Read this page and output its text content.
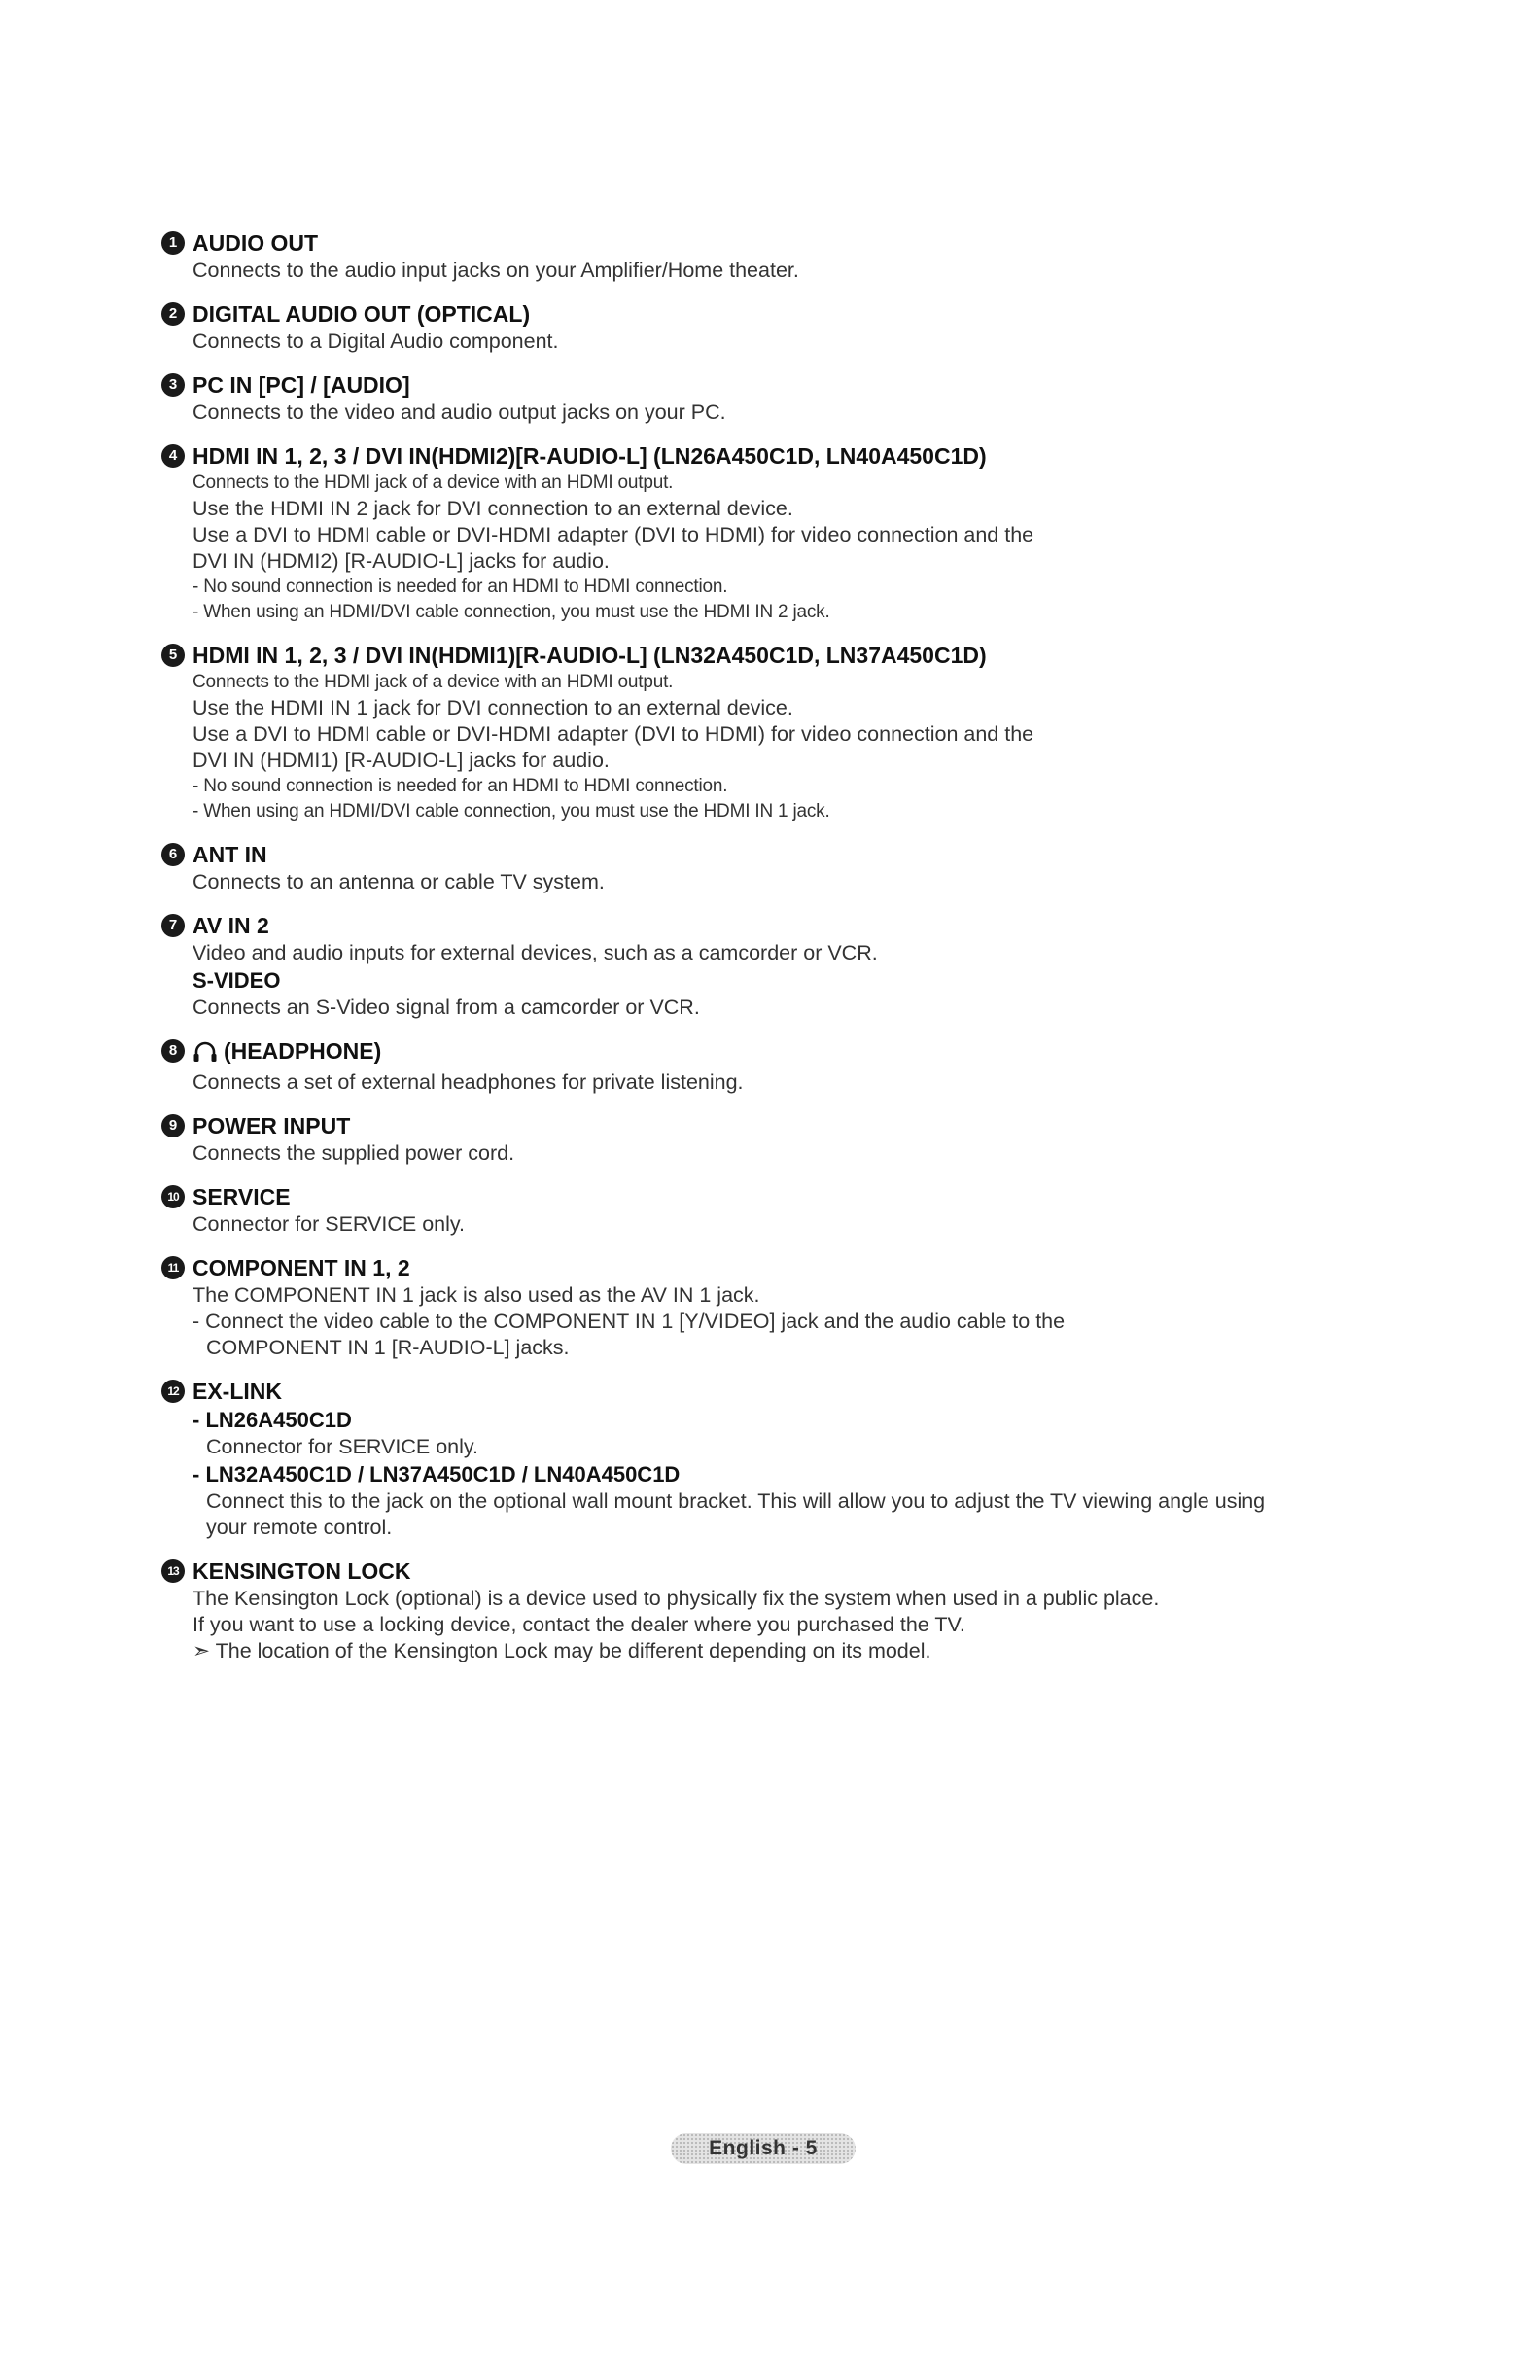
1 AUDIO OUT
Connects to the audio input jacks on your Amplifier/Home theater.
2 DIGITAL AUDIO OUT (OPTICAL)
Connects to a Digital Audio component.
3 PC IN [PC] / [AUDIO]
Connects to the video and audio output jacks on your PC.
4 HDMI IN 1, 2, 3 / DVI IN(HDMI2)[R-AUDIO-L] (LN26A450C1D, LN40A450C1D)
Connects to the HDMI jack of a device with an HDMI output.
Use the HDMI IN 2 jack for DVI connection to an external device.
Use a DVI to HDMI cable or DVI-HDMI adapter (DVI to HDMI) for video connection and the
DVI IN (HDMI2) [R-AUDIO-L] jacks for audio.
- No sound connection is needed for an HDMI to HDMI connection.
- When using an HDMI/DVI cable connection, you must use the HDMI IN 2 jack.
5 HDMI IN 1, 2, 3 / DVI IN(HDMI1)[R-AUDIO-L] (LN32A450C1D, LN37A450C1D)
Connects to the HDMI jack of a device with an HDMI output.
Use the HDMI IN 1 jack for DVI connection to an external device.
Use a DVI to HDMI cable or DVI-HDMI adapter (DVI to HDMI) for video connection and the
DVI IN (HDMI1) [R-AUDIO-L] jacks for audio.
- No sound connection is needed for an HDMI to HDMI connection.
- When using an HDMI/DVI cable connection, you must use the HDMI IN 1 jack.
6 ANT IN
Connects to an antenna or cable TV system.
7 AV IN 2
Video and audio inputs for external devices, such as a camcorder or VCR.
S-VIDEO
Connects an S-Video signal from a camcorder or VCR.
8	(HEADPHONE)
Connects a set of external headphones for private listening.
9 POWER INPUT
Connects the supplied power cord.
10 SERVICE
Connector for SERVICE only.
11 COMPONENT IN 1, 2
The COMPONENT IN 1 jack is also used as the AV IN 1 jack.
- Connect the video cable to the COMPONENT IN 1 [Y/VIDEO] jack and the audio cable to the
COMPONENT IN 1 [R-AUDIO-L] jacks.
12 EX-LINK
- LN26A450C1D
Connector for SERVICE only.
- LN32A450C1D / LN37A450C1D / LN40A450C1D
Connect this to the jack on the optional wall mount bracket. This will allow you to adjust the TV viewing angle using
your remote control.
13 KENSINGTON LOCK
The Kensington Lock (optional) is a device used to physically fix the system when used in a public place.
If you want to use a locking device, contact the dealer where you purchased the TV.
➣ The location of the Kensington Lock may be different depending on its model.
English - 5
